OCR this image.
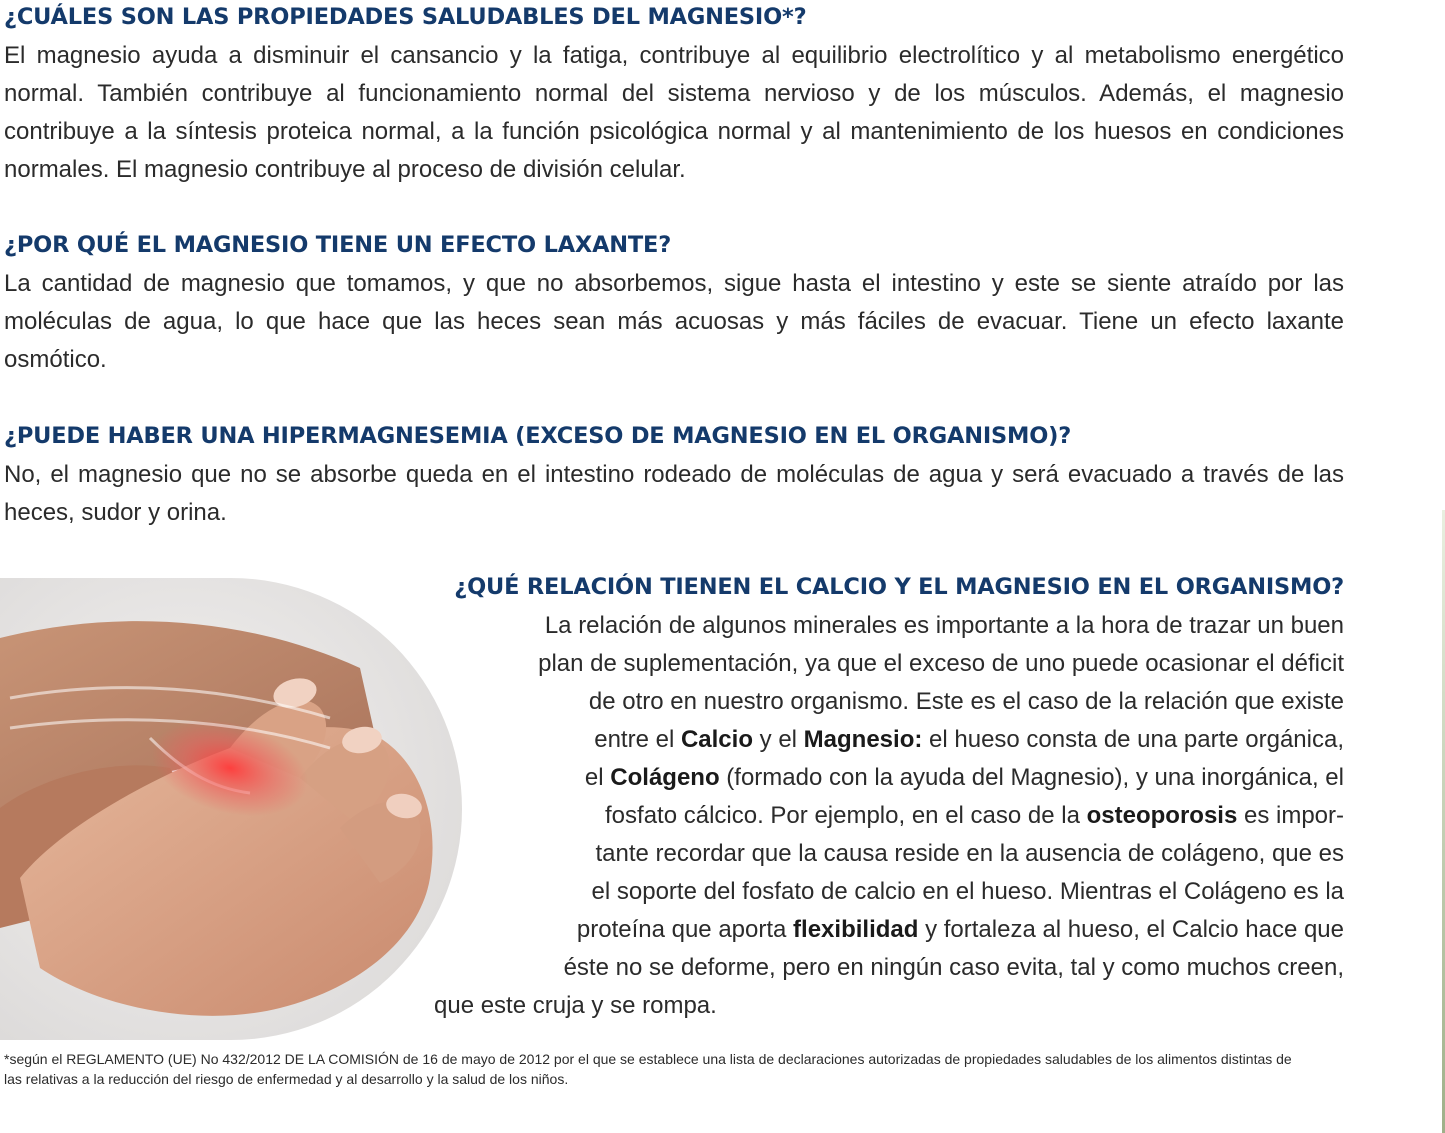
¿CUÁLES SON LAS PROPIEDADES SALUDABLES DEL MAGNESIO*?

El magnesio ayuda a disminuir el cansancio y la fatiga, contribuye al equilibrio electrolítico y al metabolismo energético normal. También contribuye al funcionamiento normal del sistema nervioso y de los músculos. Además, el magnesio contribuye a la síntesis proteica normal, a la función psicológica normal y al mantenimiento de los huesos en condiciones normales. El magnesio contribuye al proceso de división celular.

¿POR QUÉ EL MAGNESIO TIENE UN EFECTO LAXANTE?

La cantidad de magnesio que tomamos, y que no absorbemos, sigue hasta el intestino y este se siente atraído por las moléculas de agua, lo que hace que las heces sean más acuosas y más fáciles de evacuar. Tiene un efecto laxante osmótico.

¿PUEDE HABER UNA HIPERMAGNESEMIA (EXCESO DE MAGNESIO EN EL ORGANISMO)?

No, el magnesio que no se absorbe queda en el intestino rodeado de moléculas de agua y será evacuado a través de las heces, sudor y orina.

¿QUÉ RELACIÓN TIENEN EL CALCIO Y EL MAGNESIO EN EL ORGANISMO?
La relación de algunos minerales es importante a la hora de trazar un buen
plan de suplementación, ya que el exceso de uno puede ocasionar el déficit
de otro en nuestro organismo. Este es el caso de la relación que existe
entre el Calcio y el Magnesio: el hueso consta de una parte orgánica,
el Colágeno (formado con la ayuda del Magnesio), y una inorgánica, el
fosfato cálcico. Por ejemplo, en el caso de la osteoporosis es impor-
tante recordar que la causa reside en la ausencia de colágeno, que es
el soporte del fosfato de calcio en el hueso. Mientras el Colágeno es la
proteína que aporta flexibilidad y fortaleza al hueso, el Calcio hace que
éste no se deforme, pero en ningún caso evita, tal y como muchos creen,
que este cruja y se rompa.

*según el REGLAMENTO (UE) No 432/2012 DE LA COMISIÓN de 16 de mayo de 2012 por el que se establece una lista de declaraciones autorizadas de propiedades saludables de los alimentos distintas de las relativas a la reducción del riesgo de enfermedad y al desarrollo y la salud de los niños.
